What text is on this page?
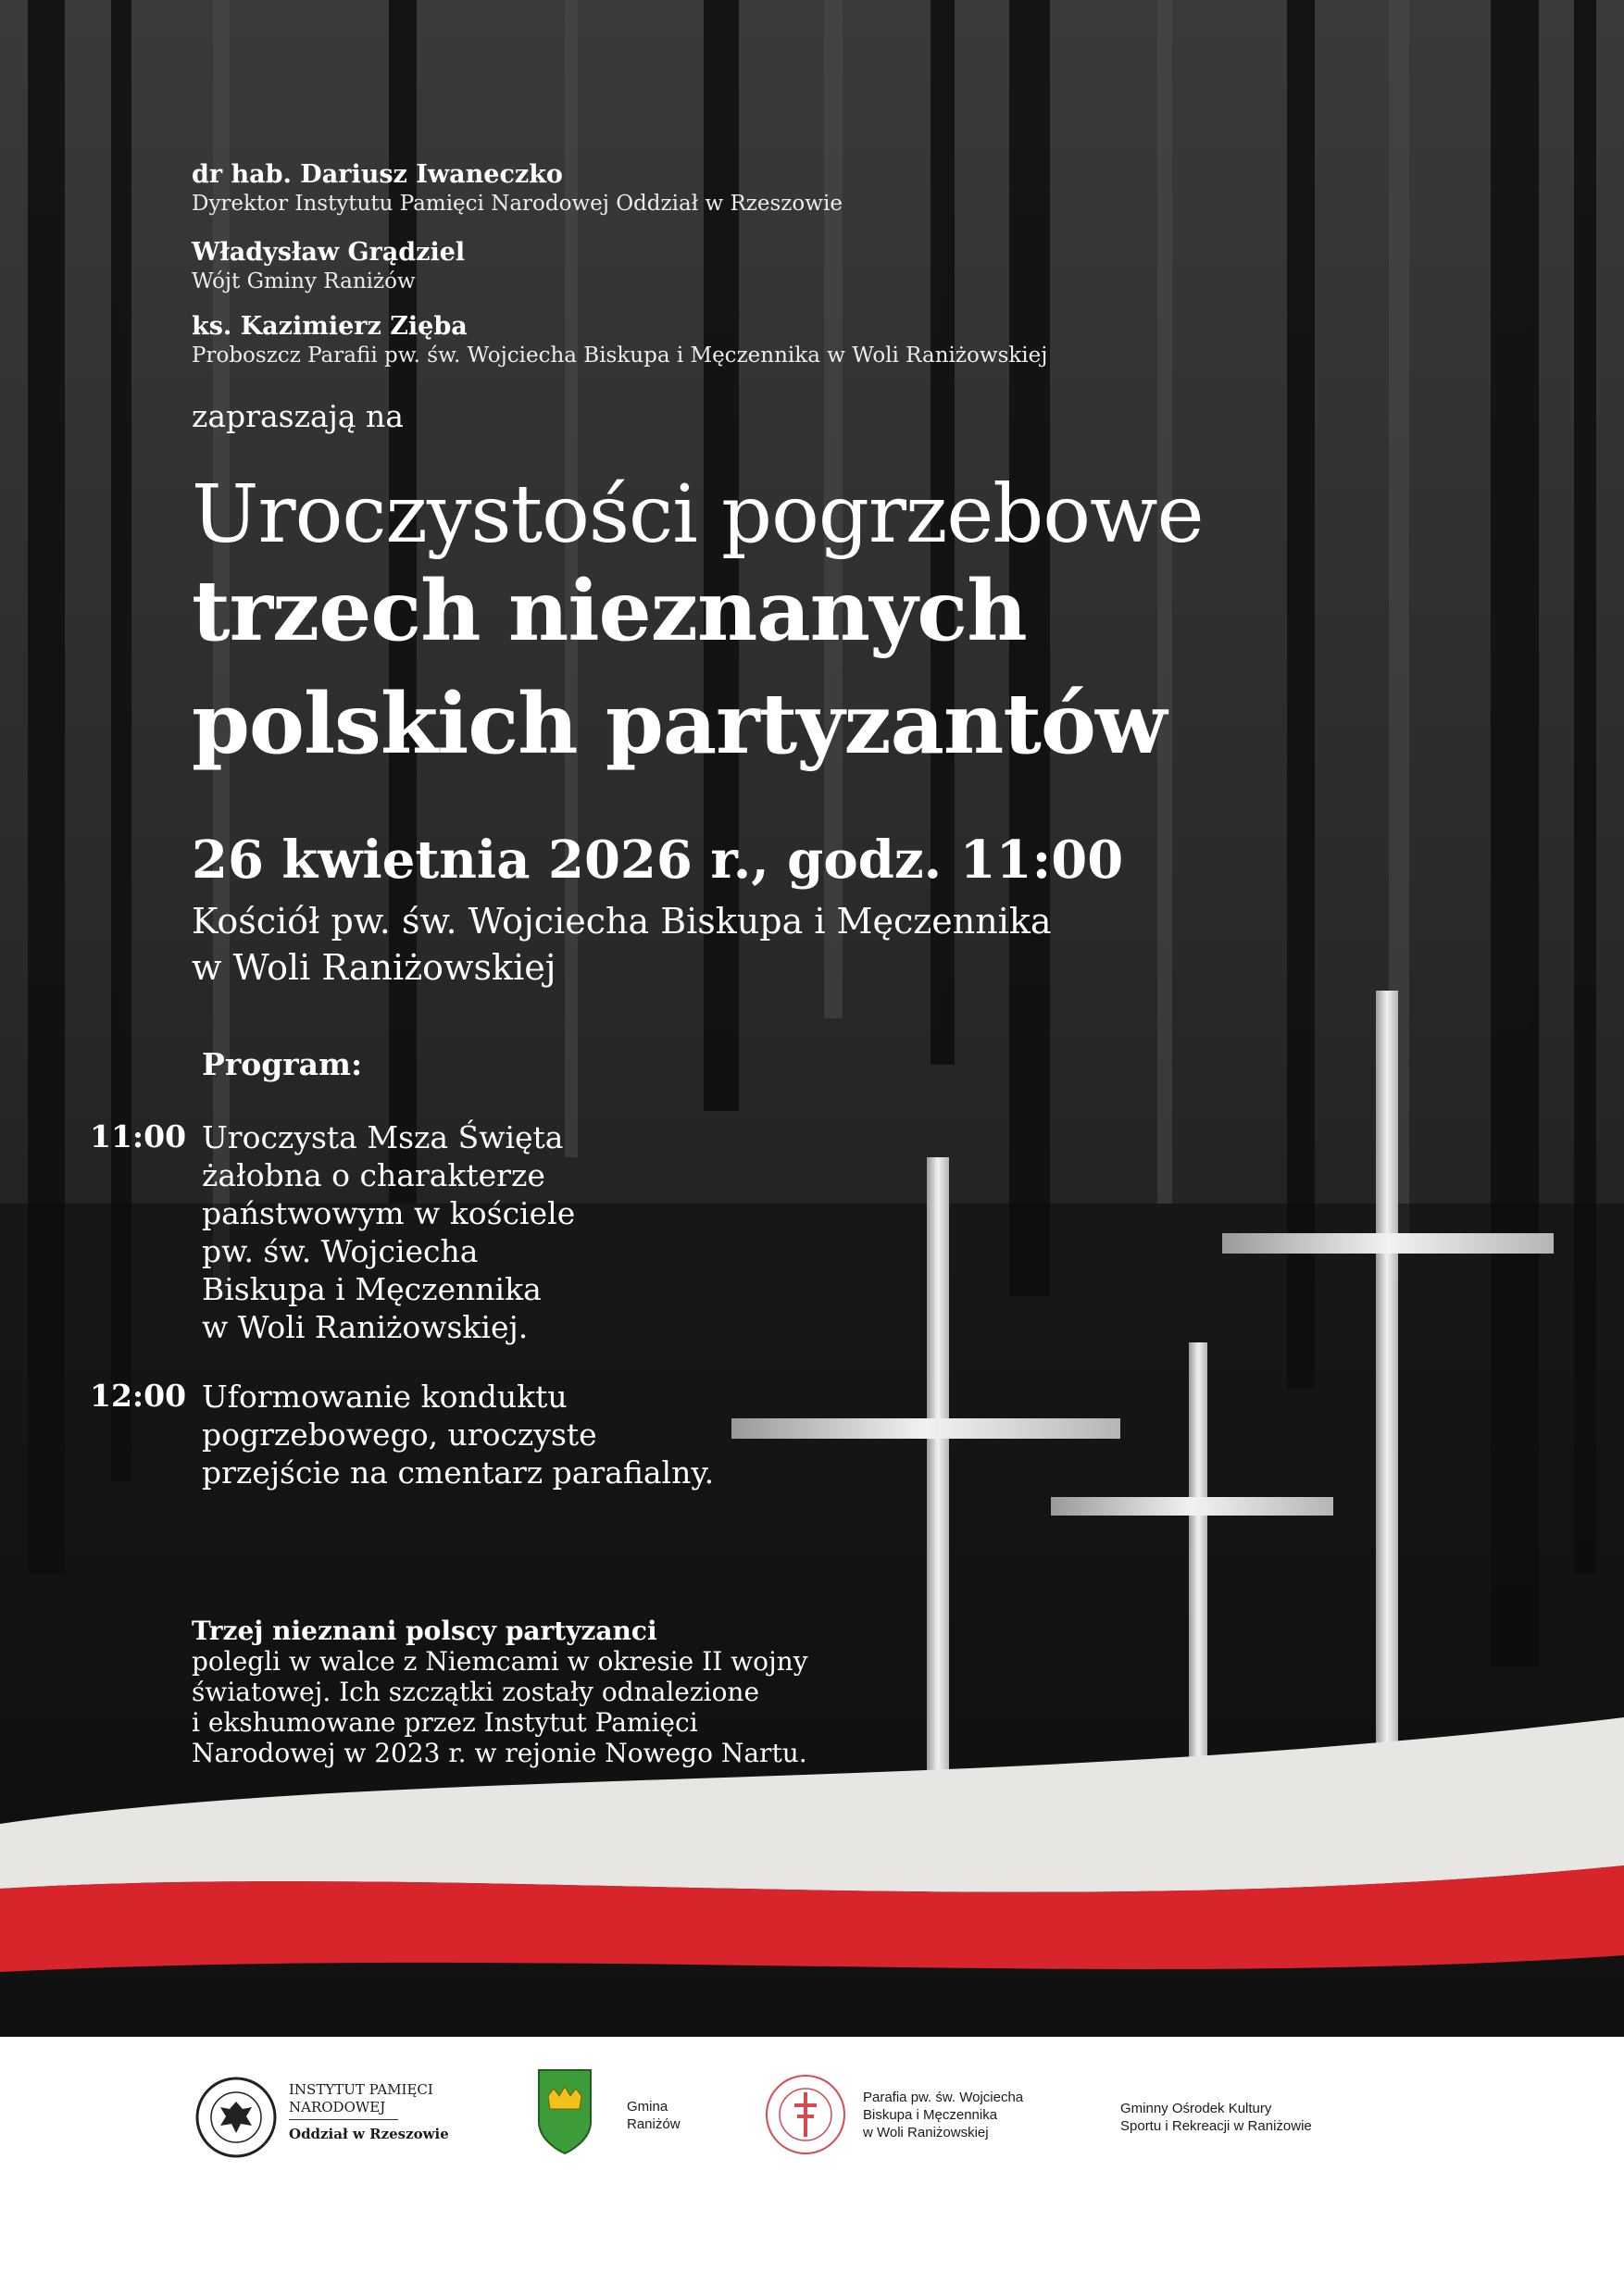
dr hab. Dariusz Iwaneczko
Dyrektor Instytutu Pamięci Narodowej Oddział w Rzeszowie
Władysław Grądziel
Wójt Gminy Raniżów
ks. Kazimierz Zięba
Proboszcz Parafii pw. św. Wojciecha Biskupa i Męczennika w Woli Raniżowskiej
zapraszają na
Uroczystości pogrzebowe
trzech nieznanych
polskich partyzantów
26 kwietnia 2026 r., godz. 11:00
Kościół pw. św. Wojciecha Biskupa i Męczennika
w Woli Raniżowskiej
Program:
11:00 Uroczysta Msza Święta
żałobna o charakterze
państwowym w kościele
pw. św. Wojciecha
Biskupa i Męczennika
w Woli Raniżowskiej.
12:00 Uformowanie konduktu
pogrzebowego, uroczyste
przejście na cmentarz parafialny.
Trzej nieznani polscy partyzanci
polegli w walce z Niemcami w okresie II wojny
światowej. Ich szczątki zostały odnalezione
i ekshumowane przez Instytut Pamięci
Narodowej w 2023 r. w rejonie Nowego Nartu.
INSTYTUT PAMIĘCI
NARODOWEJ
Oddział w Rzeszowie
Gmina
Raniżów
Parafia pw. św. Wojciecha
Biskupa i Męczennika
w Woli Raniżowskiej
Gminny Ośrodek Kultury
Sportu i Rekreacji w Raniżowie
